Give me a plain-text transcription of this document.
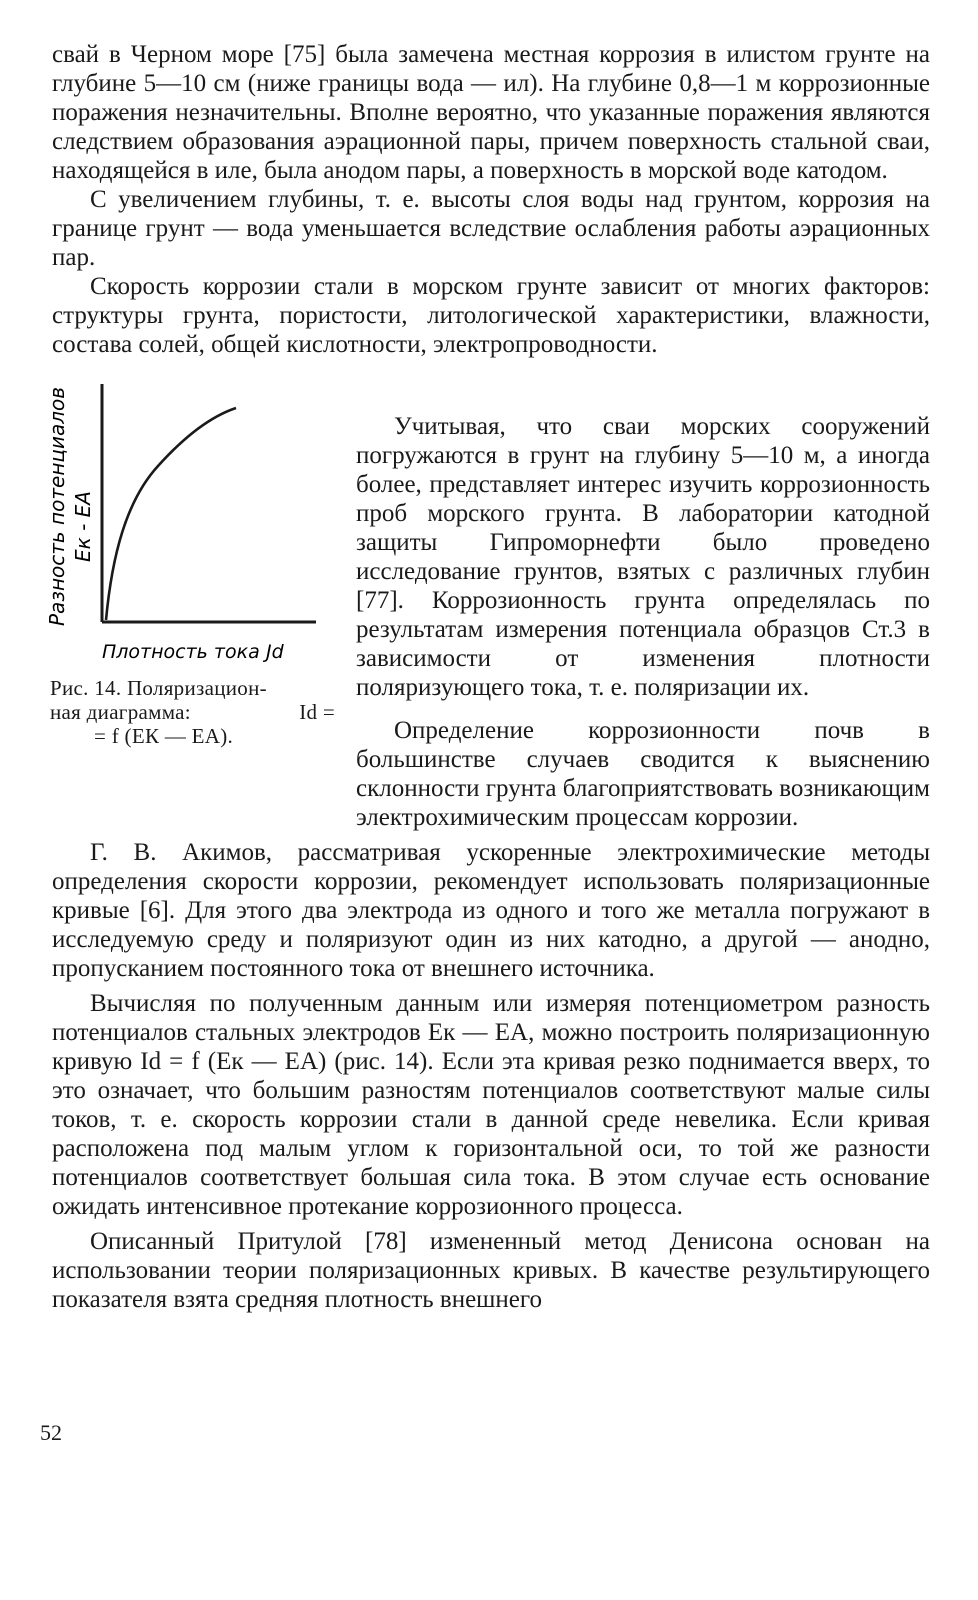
свай в Черном море [75] была замечена местная коррозия в илистом грунте на глубине 5—10 см (ниже границы вода — ил). На глубине 0,8—1 м коррозионные поражения незначительны. Вполне вероятно, что указанные поражения являются следствием образования аэрационной пары, причем поверхность стальной сваи, находящейся в иле, была анодом пары, а поверхность в морской воде катодом.

С увеличением глубины, т. е. высоты слоя воды над грунтом, коррозия на границе грунт — вода уменьшается вследствие ослабления работы аэрационных пар.

Скорость коррозии стали в морском грунте зависит от многих факторов: структуры грунта, пористости, литологической характеристики, влажности, состава солей, общей кислотности, электропроводности.

Разность потенциалов Eк - EА
Плотность тока Jd
Рис. 14. Поляризацион-
ная диаграмма:	Id =
= f (EК — EА).

Учитывая, что сваи морских сооружений погружаются в грунт на глубину 5—10 м, а иногда более, представляет интерес изучить коррозионность проб морского грунта. В лаборатории катодной защиты Гипроморнефти было проведено исследование грунтов, взятых с различных глубин [77]. Коррозионность грунта определялась по результатам измерения потенциала образцов Ст.3 в зависимости от изменения плотности поляризующего тока, т. е. поляризации их.

Определение коррозионности почв в большинстве случаев сводится к выяснению склонности грунта благоприятствовать возникающим электрохимическим процессам коррозии.

Г. В. Акимов, рассматривая ускоренные электрохимические методы определения скорости коррозии, рекомендует использовать поляризационные кривые [6]. Для этого два электрода из одного и того же металла погружают в исследуемую среду и поляризуют один из них катодно, а другой — анодно, пропусканием постоянного тока от внешнего источника.

Вычисляя по полученным данным или измеряя потенциометром разность потенциалов стальных электродов Eк — EА, можно построить поляризационную кривую Id = f (Eк — EА) (рис. 14). Если эта кривая резко поднимается вверх, то это означает, что большим разностям потенциалов соответствуют малые силы токов, т. е. скорость коррозии стали в данной среде невелика. Если кривая расположена под малым углом к горизонтальной оси, то той же разности потенциалов соответствует большая сила тока. В этом случае есть основание ожидать интенсивное протекание коррозионного процесса.

Описанный Притулой [78] измененный метод Денисона основан на использовании теории поляризационных кривых. В качестве результирующего показателя взята средняя плотность внешнего

52
